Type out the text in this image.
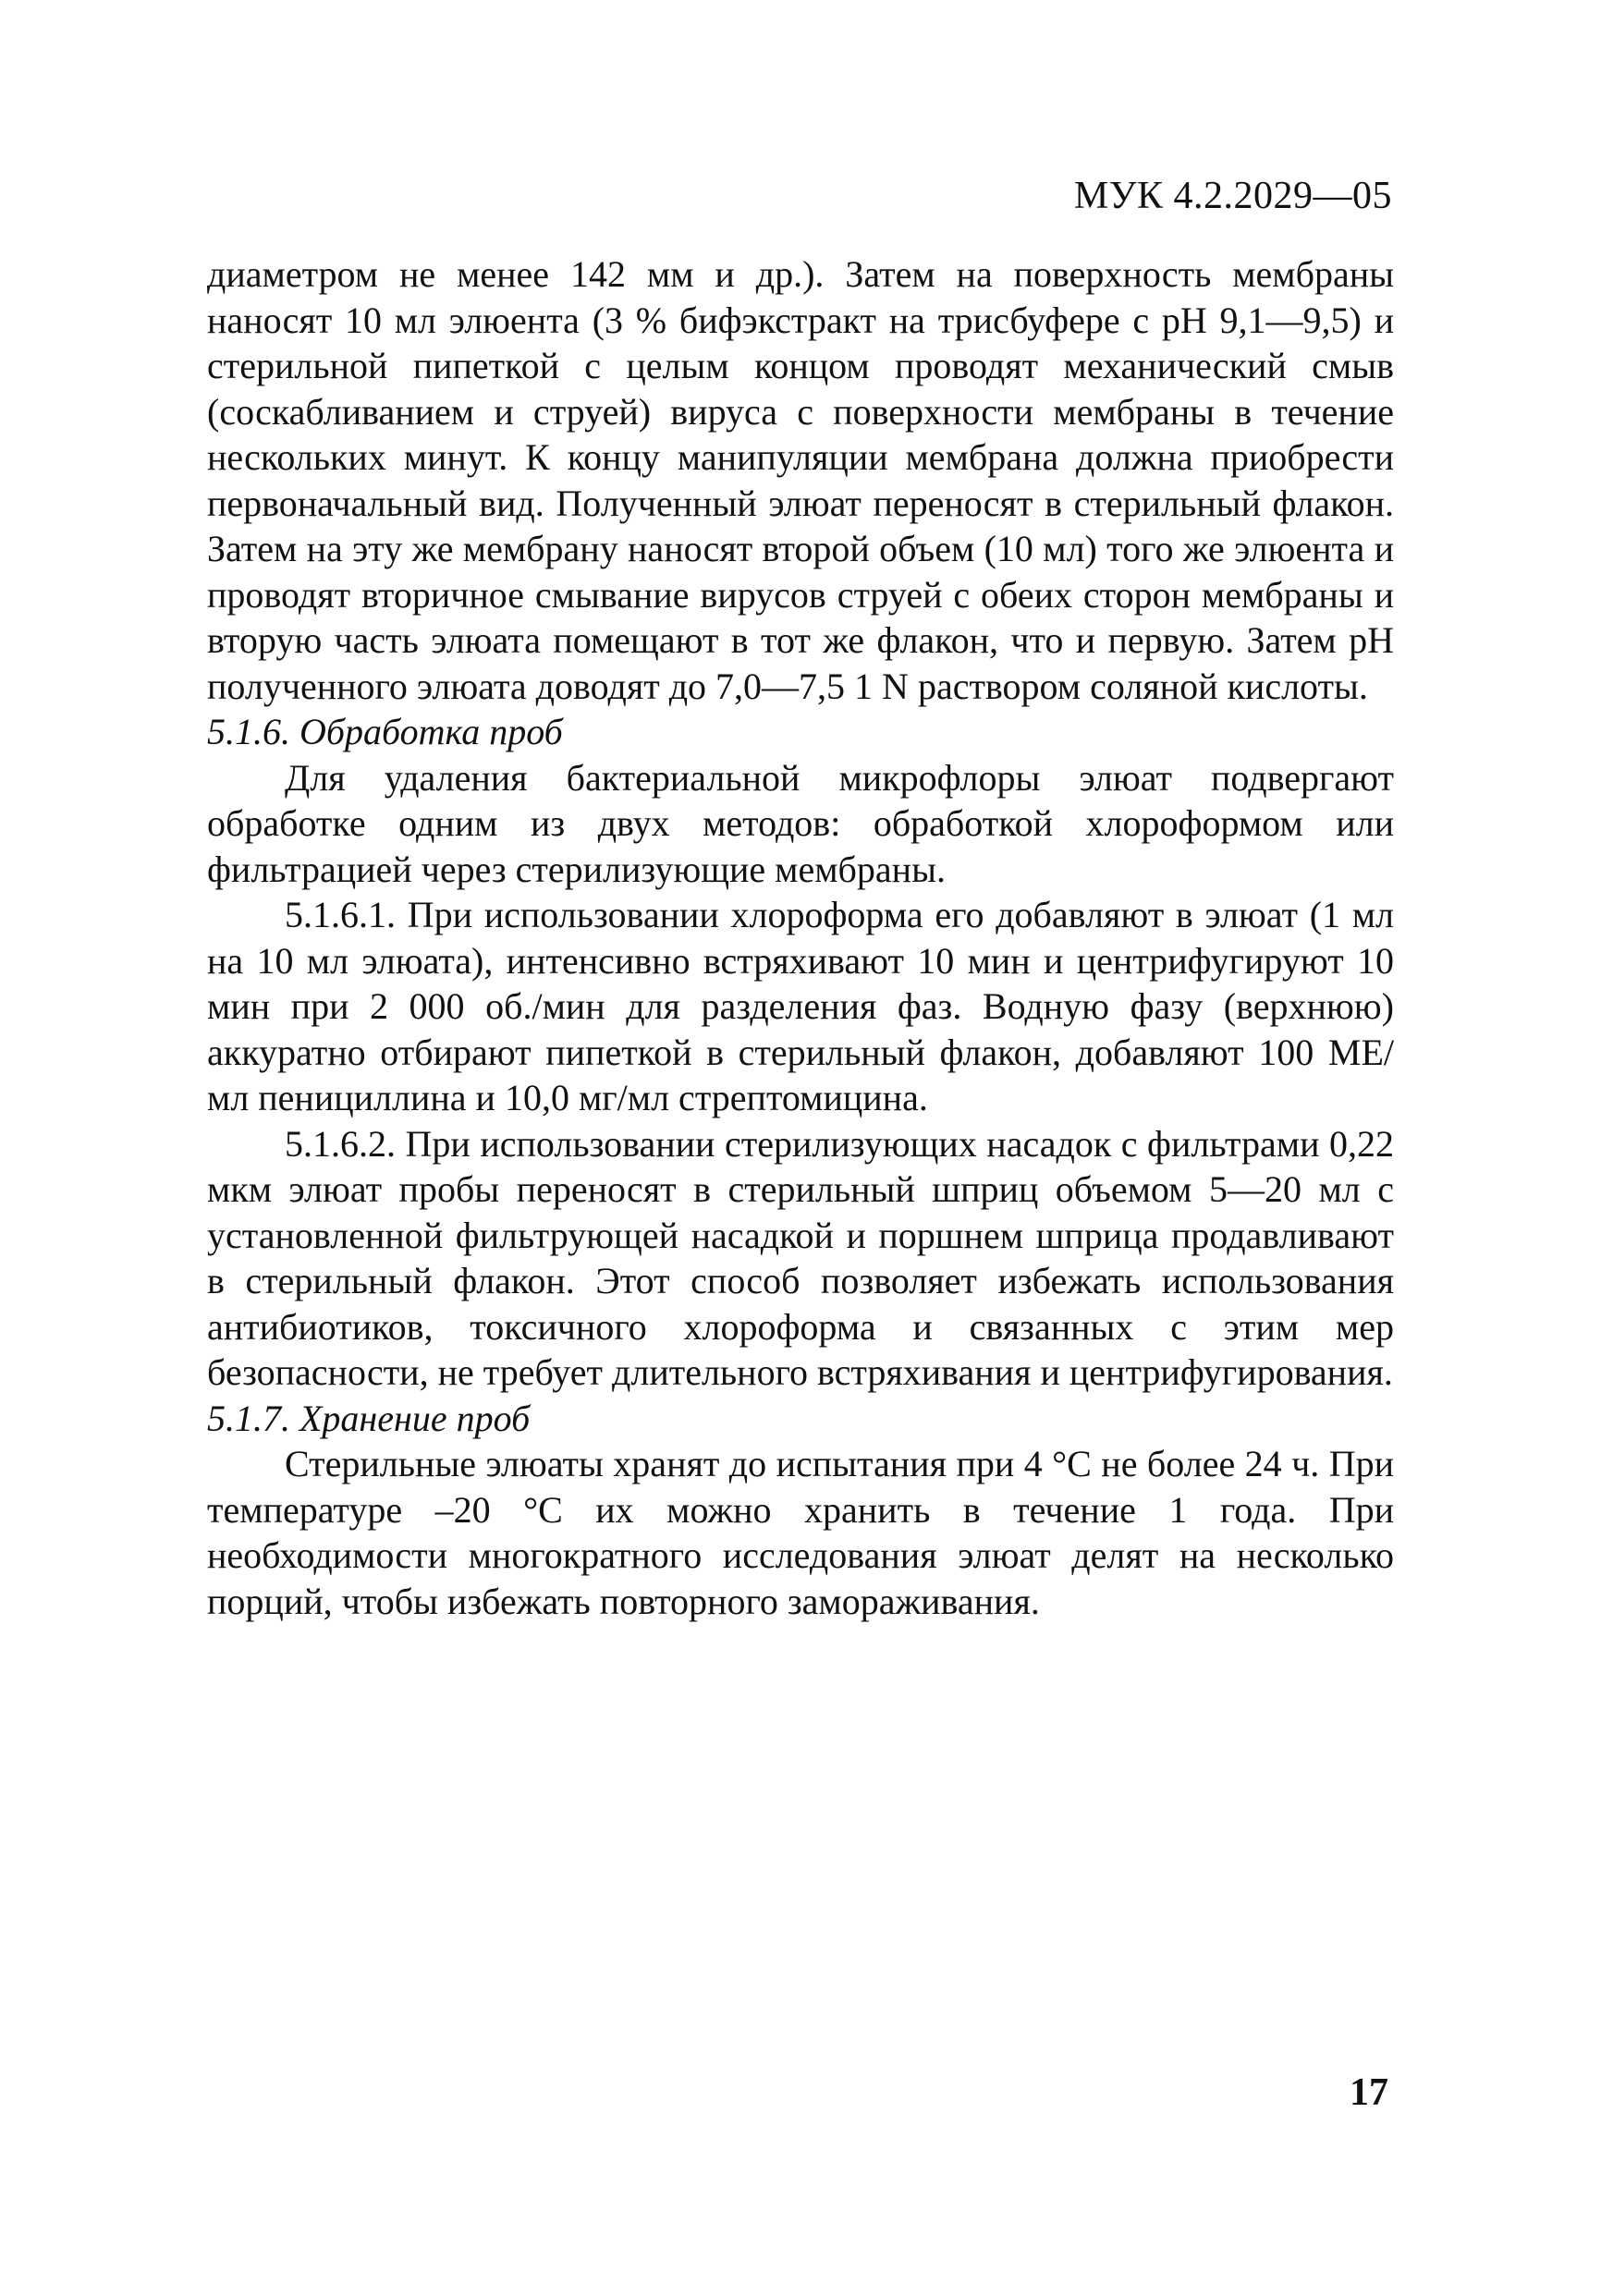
МУК 4.2.2029—05

диаметром не менее 142 мм и др.). Затем на поверхность мембраны наносят 10 мл элюента (3 % бифэкстракт на трисбуфере с pH 9,1—9,5) и стерильной пипеткой с целым концом проводят механический смыв (соскабливанием и струей) вируса с поверхности мембраны в течение нескольких минут. К концу манипуляции мембрана должна приобрести первоначальный вид. Полученный элюат переносят в стерильный флакон. Затем на эту же мембрану наносят второй объем (10 мл) того же элюента и проводят вторичное смывание вирусов струей с обеих сторон мембраны и вторую часть элюата помещают в тот же флакон, что и первую. Затем pH полученного элюата доводят до 7,0—7,5 1 N раствором соляной кислоты.

5.1.6. Обработка проб

Для удаления бактериальной микрофлоры элюат подвергают обработке одним из двух методов: обработкой хлороформом или фильтрацией через стерилизующие мембраны.

5.1.6.1. При использовании хлороформа его добавляют в элюат (1 мл на 10 мл элюата), интенсивно встряхивают 10 мин и центрифугируют 10 мин при 2 000 об./мин для разделения фаз. Водную фазу (верхнюю) аккуратно отбирают пипеткой в стерильный флакон, добавляют 100 МЕ/мл пенициллина и 10,0 мг/мл стрептомицина.

5.1.6.2. При использовании стерилизующих насадок с фильтрами 0,22 мкм элюат пробы переносят в стерильный шприц объемом 5—20 мл с установленной фильтрующей насадкой и поршнем шприца продавливают в стерильный флакон. Этот способ позволяет избежать использования антибиотиков, токсичного хлороформа и связанных с этим мер безопасности, не требует длительного встряхивания и центрифугирования.

5.1.7. Хранение проб

Стерильные элюаты хранят до испытания при 4 °С не более 24 ч. При температуре –20 °С их можно хранить в течение 1 года. При необходимости многократного исследования элюат делят на несколько порций, чтобы избежать повторного замораживания.

17
